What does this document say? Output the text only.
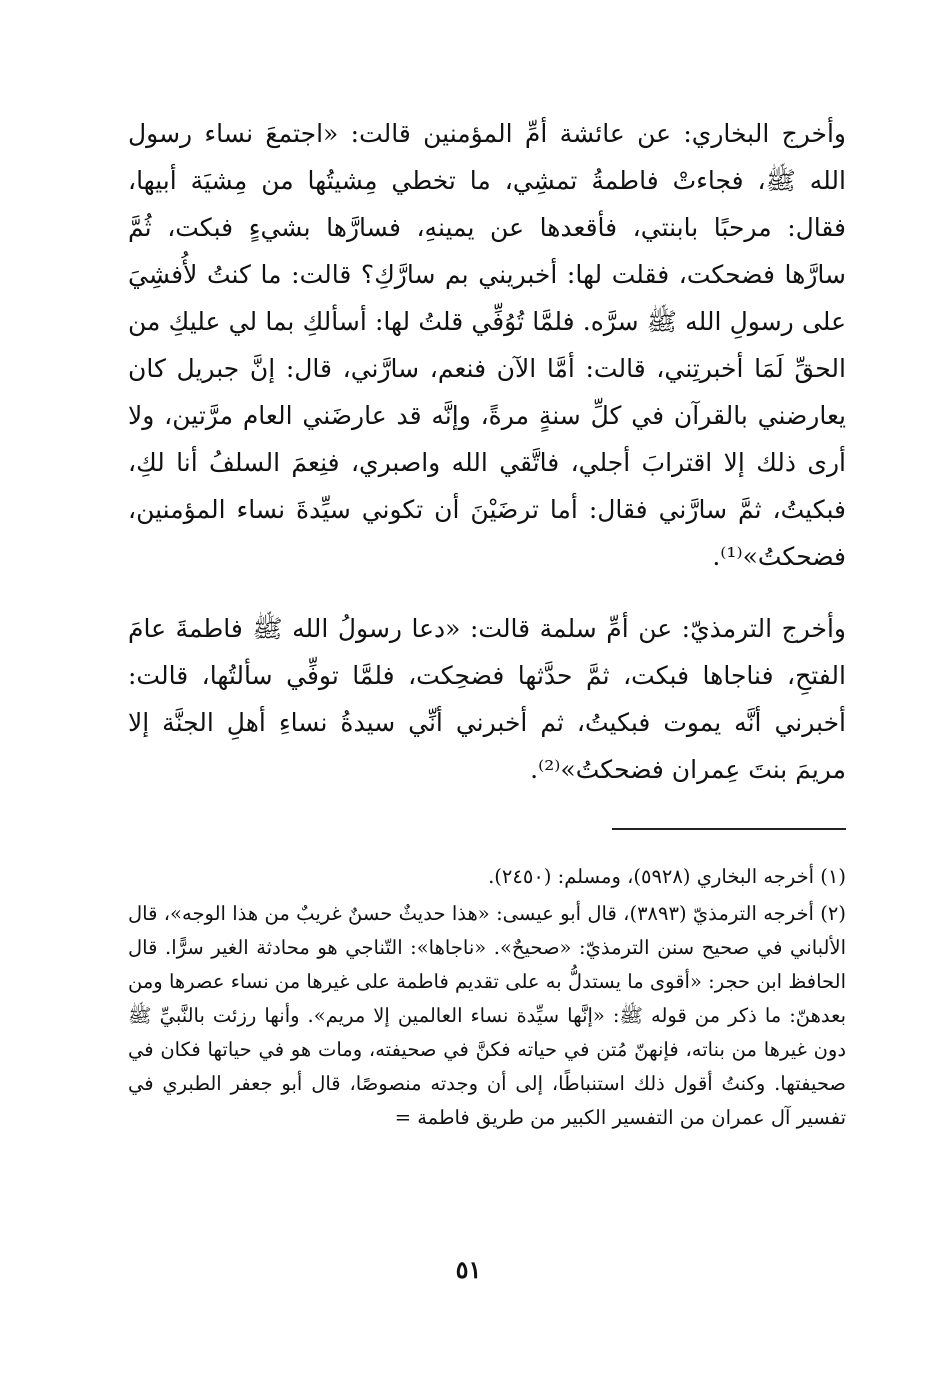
وأخرج البخاري: عن عائشة أمِّ المؤمنين قالت: «اجتمعَ نساء رسول الله ﷺ، فجاءتْ فاطمةُ تمشِي، ما تخطي مِشيتُها من مِشيَة أبيها، فقال: مرحبًا بابنتي، فأقعدها عن يمينهِ، فسارَّها بشيءٍ فبكت، ثُمَّ سارَّها فضحكت، فقلت لها: أخبريني بم سارَّكِ؟ قالت: ما كنتُ لأُفشِيَ على رسولِ الله ﷺ سرَّه. فلمَّا تُوُفِّي قلتُ لها: أسألكِ بما لي عليكِ من الحقِّ لَمَا أخبرتِني، قالت: أمَّا الآن فنعم، سارَّني، قال: إنَّ جبريل كان يعارضني بالقرآن في كلِّ سنةٍ مرةً، وإنَّه قد عارضَني العام مرَّتين، ولا أرى ذلك إلا اقترابَ أجلي، فاتَّقي الله واصبري، فنِعمَ السلفُ أنا لكِ، فبكيتُ، ثمَّ سارَّني فقال: أما ترضَيْنَ أن تكوني سيِّدةَ نساء المؤمنين، فضحكتُ»⁽¹⁾.

وأخرج الترمذيّ: عن أمِّ سلمة قالت: «دعا رسولُ الله ﷺ فاطمةَ عامَ الفتحِ، فناجاها فبكت، ثمَّ حدَّثها فضحِكت، فلمَّا توفِّي سألتُها، قالت: أخبرني أنَّه يموت فبكيتُ، ثم أخبرني أنِّي سيدةُ نساءِ أهلِ الجنَّة إلا مريمَ بنتَ عِمران فضحكتُ»⁽²⁾.

(١) أخرجه البخاري (٥٩٢٨)، ومسلم: (٢٤٥٠).

(٢) أخرجه الترمذيّ (٣٨٩٣)، قال أبو عيسى: «هذا حديثٌ حسنٌ غريبٌ من هذا الوجه»، قال الألباني في صحيح سنن الترمذيّ: «صحيحٌ». «ناجاها»: التّناجي هو محادثة الغير سرًّا. قال الحافظ ابن حجر: «أقوى ما يستدلُّ به على تقديم فاطمة على غيرها من نساء عصرها ومن بعدهنّ: ما ذكر من قوله ﷺ: «إنَّها سيِّدة نساء العالمين إلا مريم». وأنها رزئت بالنَّبيِّ ﷺ دون غيرها من بناته، فإنهنّ مُتن في حياته فكنَّ في صحيفته، ومات هو في حياتها فكان في صحيفتها. وكنتُ أقول ذلك استنباطًا، إلى أن وجدته منصوصًا، قال أبو جعفر الطبري في تفسير آل عمران من التفسير الكبير من طريق فاطمة =

٥١
